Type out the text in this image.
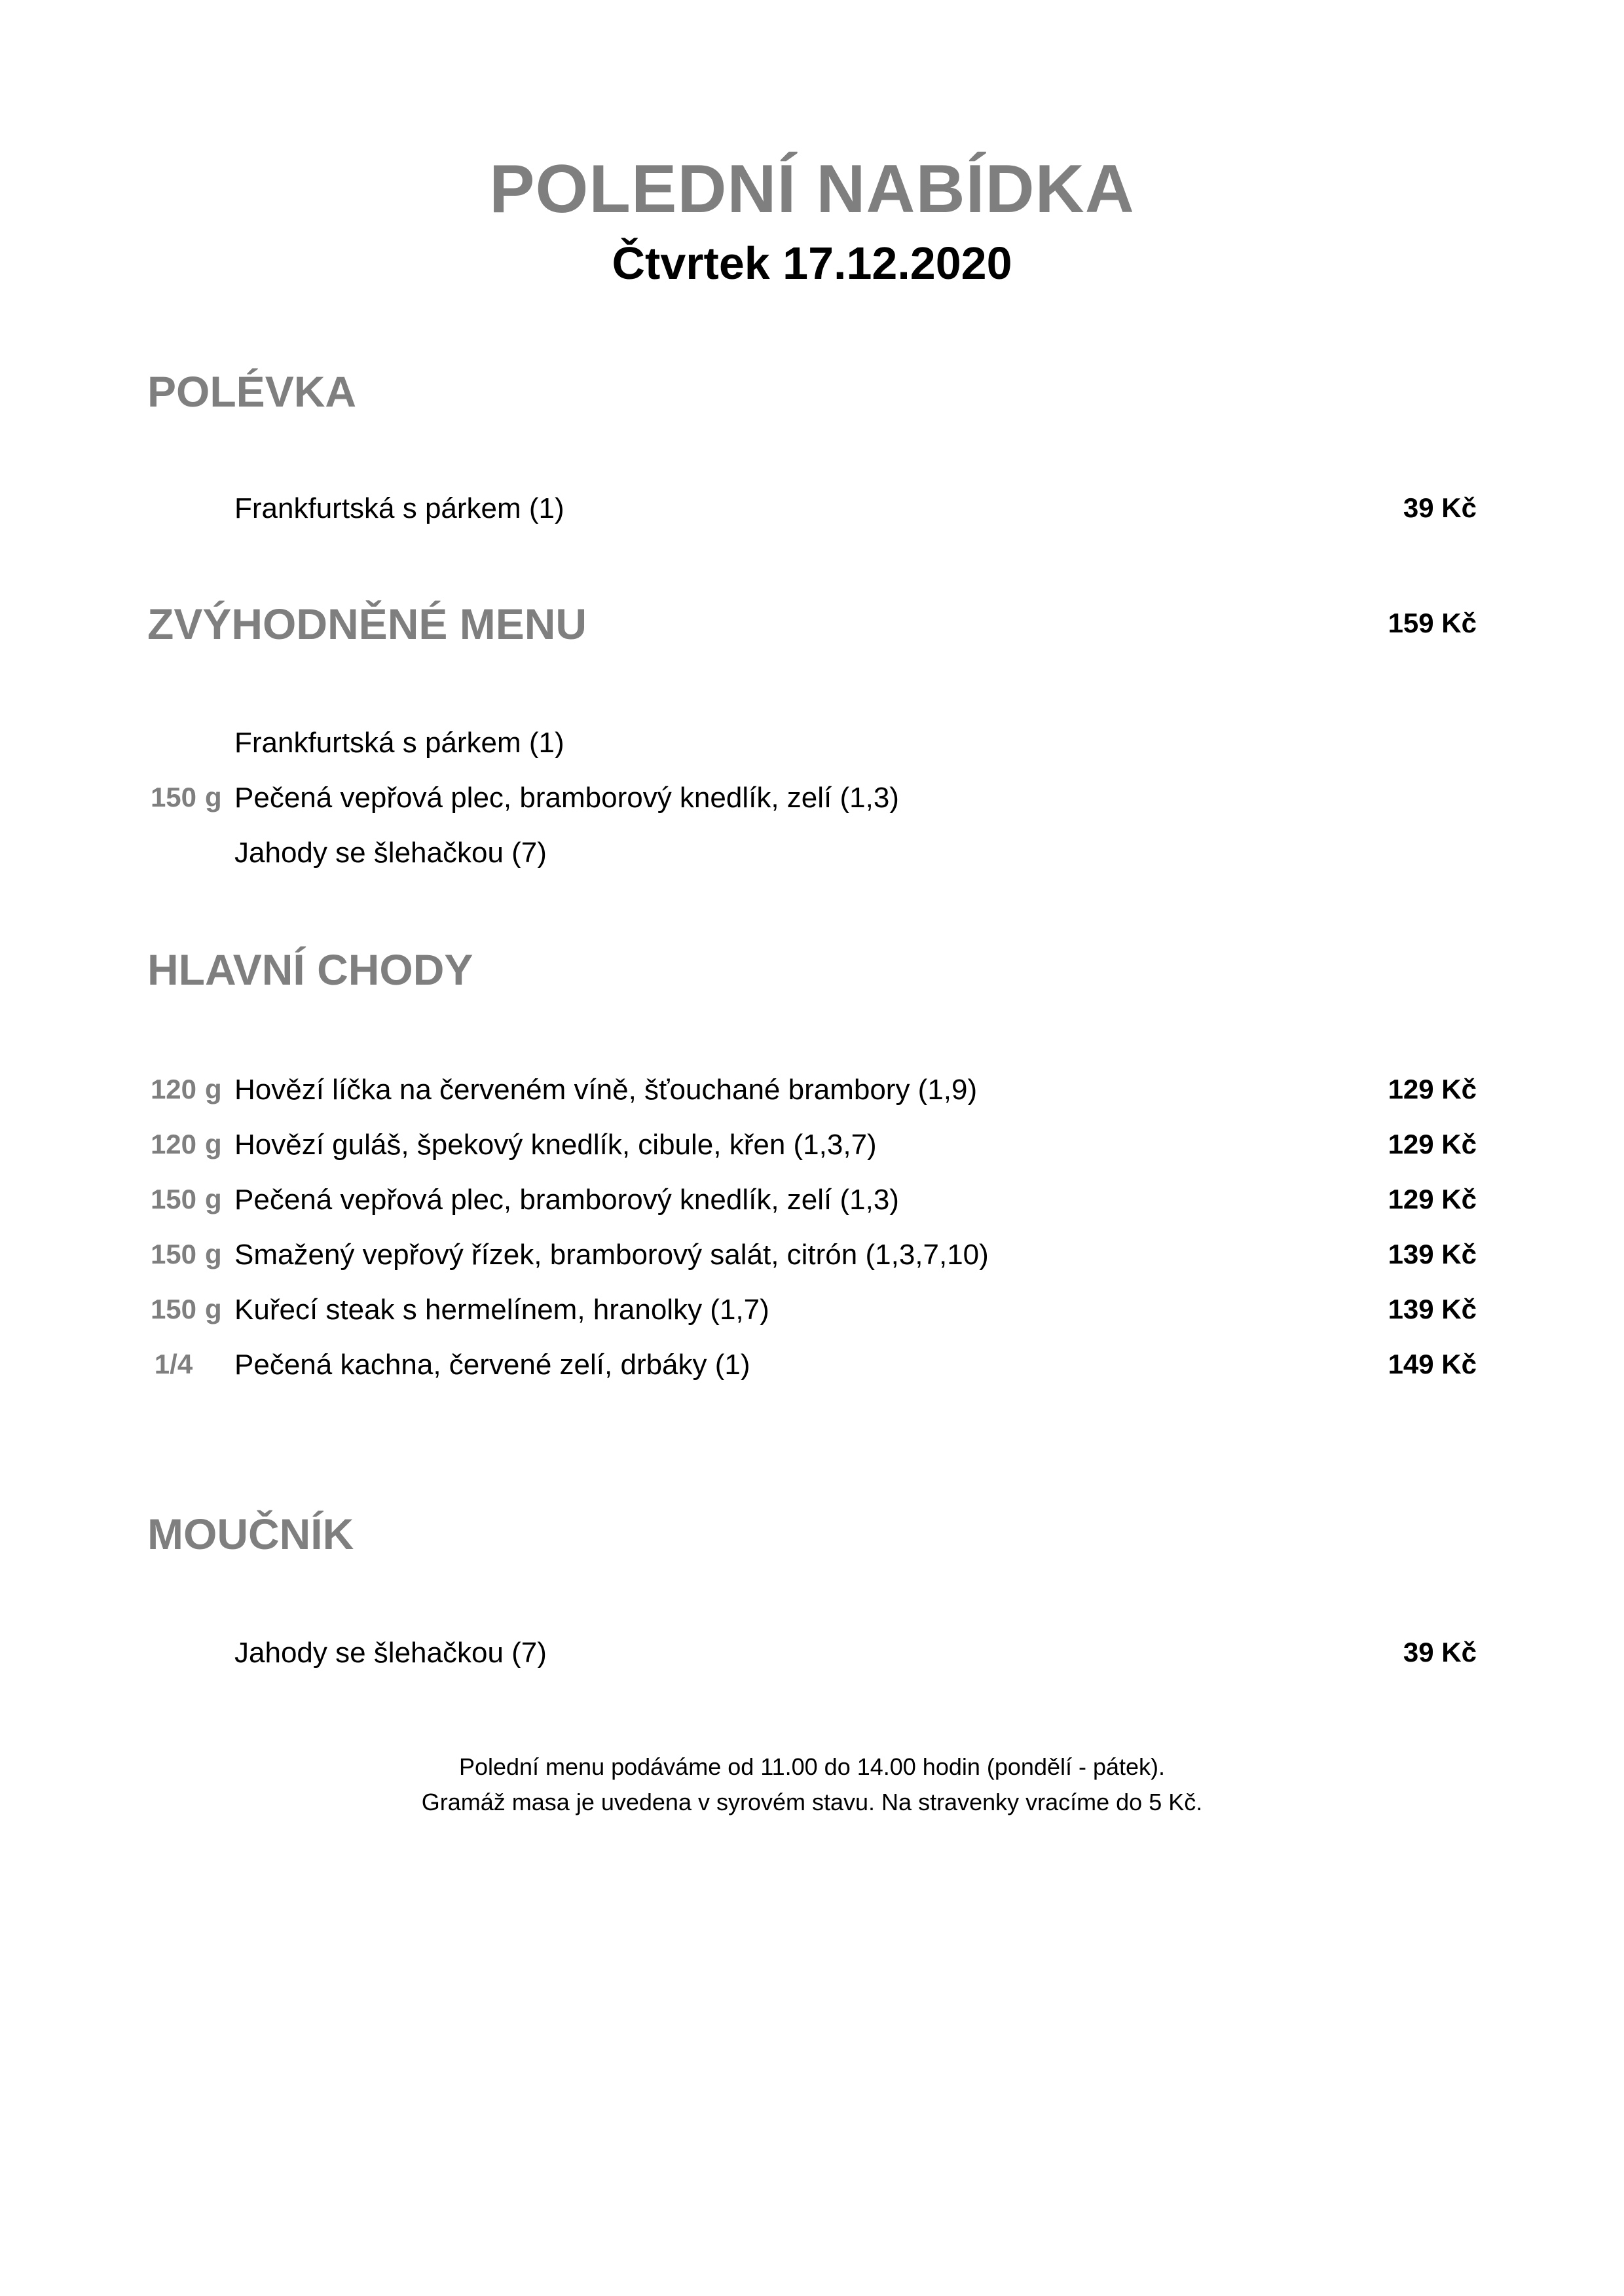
POLEDNÍ NABÍDKA
Čtvrtek 17.12.2020
POLÉVKA
Frankfurtská s párkem (1)	39 Kč
ZVÝHODNĚNÉ MENU	159 Kč
Frankfurtská s párkem (1)
150 g Pečená vepřová plec, bramborový knedlík, zelí (1,3)
Jahody se šlehačkou (7)
HLAVNÍ CHODY
120 g Hovězí líčka na červeném víně, šťouchané brambory (1,9)	129 Kč
120 g Hovězí guláš, špekový knedlík, cibule, křen (1,3,7)	129 Kč
150 g Pečená vepřová plec, bramborový knedlík, zelí (1,3)	129 Kč
150 g Smažený vepřový řízek, bramborový salát, citrón (1,3,7,10)	139 Kč
150 g Kuřecí steak s hermelínem, hranolky (1,7)	139 Kč
1/4	Pečená kachna, červené zelí, drbáky (1)	149 Kč
MOUČNÍK
Jahody se šlehačkou (7)	39 Kč
Polední menu podáváme od 11.00 do 14.00 hodin (pondělí - pátek).
Gramáž masa je uvedena v syrovém stavu. Na stravenky vracíme do 5 Kč.
